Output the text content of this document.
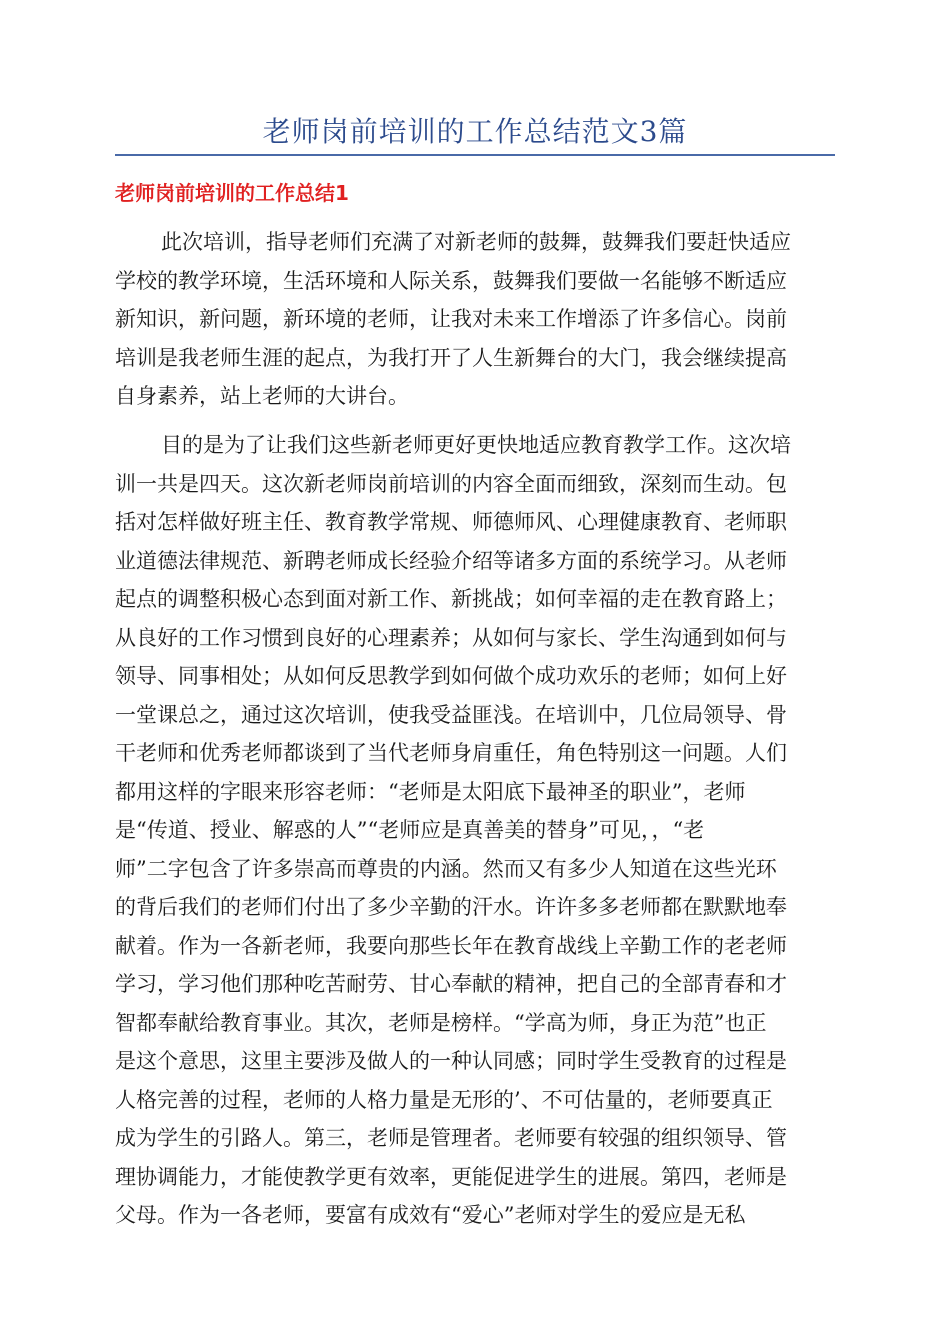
老师岗前培训的工作总结范文3篇
老师岗前培训的工作总结1
此次培训，指导老师们充满了对新老师的鼓舞，鼓舞我们要赶快适应
学校的教学环境，生活环境和人际关系，鼓舞我们要做一名能够不断适应
新知识，新问题，新环境的老师，让我对未来工作增添了许多信心。岗前
培训是我老师生涯的起点，为我打开了人生新舞台的大门，我会继续提高
自身素养，站上老师的大讲台。
目的是为了让我们这些新老师更好更快地适应教育教学工作。这次培
训一共是四天。这次新老师岗前培训的内容全面而细致，深刻而生动。包
括对怎样做好班主任、教育教学常规、师德师风、心理健康教育、老师职
业道德法律规范、新聘老师成长经验介绍等诸多方面的系统学习。从老师
起点的调整积极心态到面对新工作、新挑战；如何幸福的走在教育路上；
从良好的工作习惯到良好的心理素养；从如何与家长、学生沟通到如何与
领导、同事相处；从如何反思教学到如何做个成功欢乐的老师；如何上好
一堂课总之，通过这次培训，使我受益匪浅。在培训中，几位局领导、骨
干老师和优秀老师都谈到了当代老师身肩重任，角色特别这一问题。人们
都用这样的字眼来形容老师：“老师是太阳底下最神圣的职业”，老师
是“传道、授业、解惑的人”“老师应是真善美的替身”可见，，“老
师”二字包含了许多崇高而尊贵的内涵。然而又有多少人知道在这些光环
的背后我们的老师们付出了多少辛勤的汗水。许许多多老师都在默默地奉
献着。作为一各新老师，我要向那些长年在教育战线上辛勤工作的老老师
学习，学习他们那种吃苦耐劳、甘心奉献的精神，把自己的全部青春和才
智都奉献给教育事业。其次，老师是榜样。“学高为师，身正为范”也正
是这个意思，这里主要涉及做人的一种认同感；同时学生受教育的过程是
人格完善的过程，老师的人格力量是无形的’、不可估量的，老师要真正
成为学生的引路人。第三，老师是管理者。老师要有较强的组织领导、管
理协调能力，才能使教学更有效率，更能促进学生的进展。第四，老师是
父母。作为一各老师，要富有成效有“爱心”老师对学生的爱应是无私
